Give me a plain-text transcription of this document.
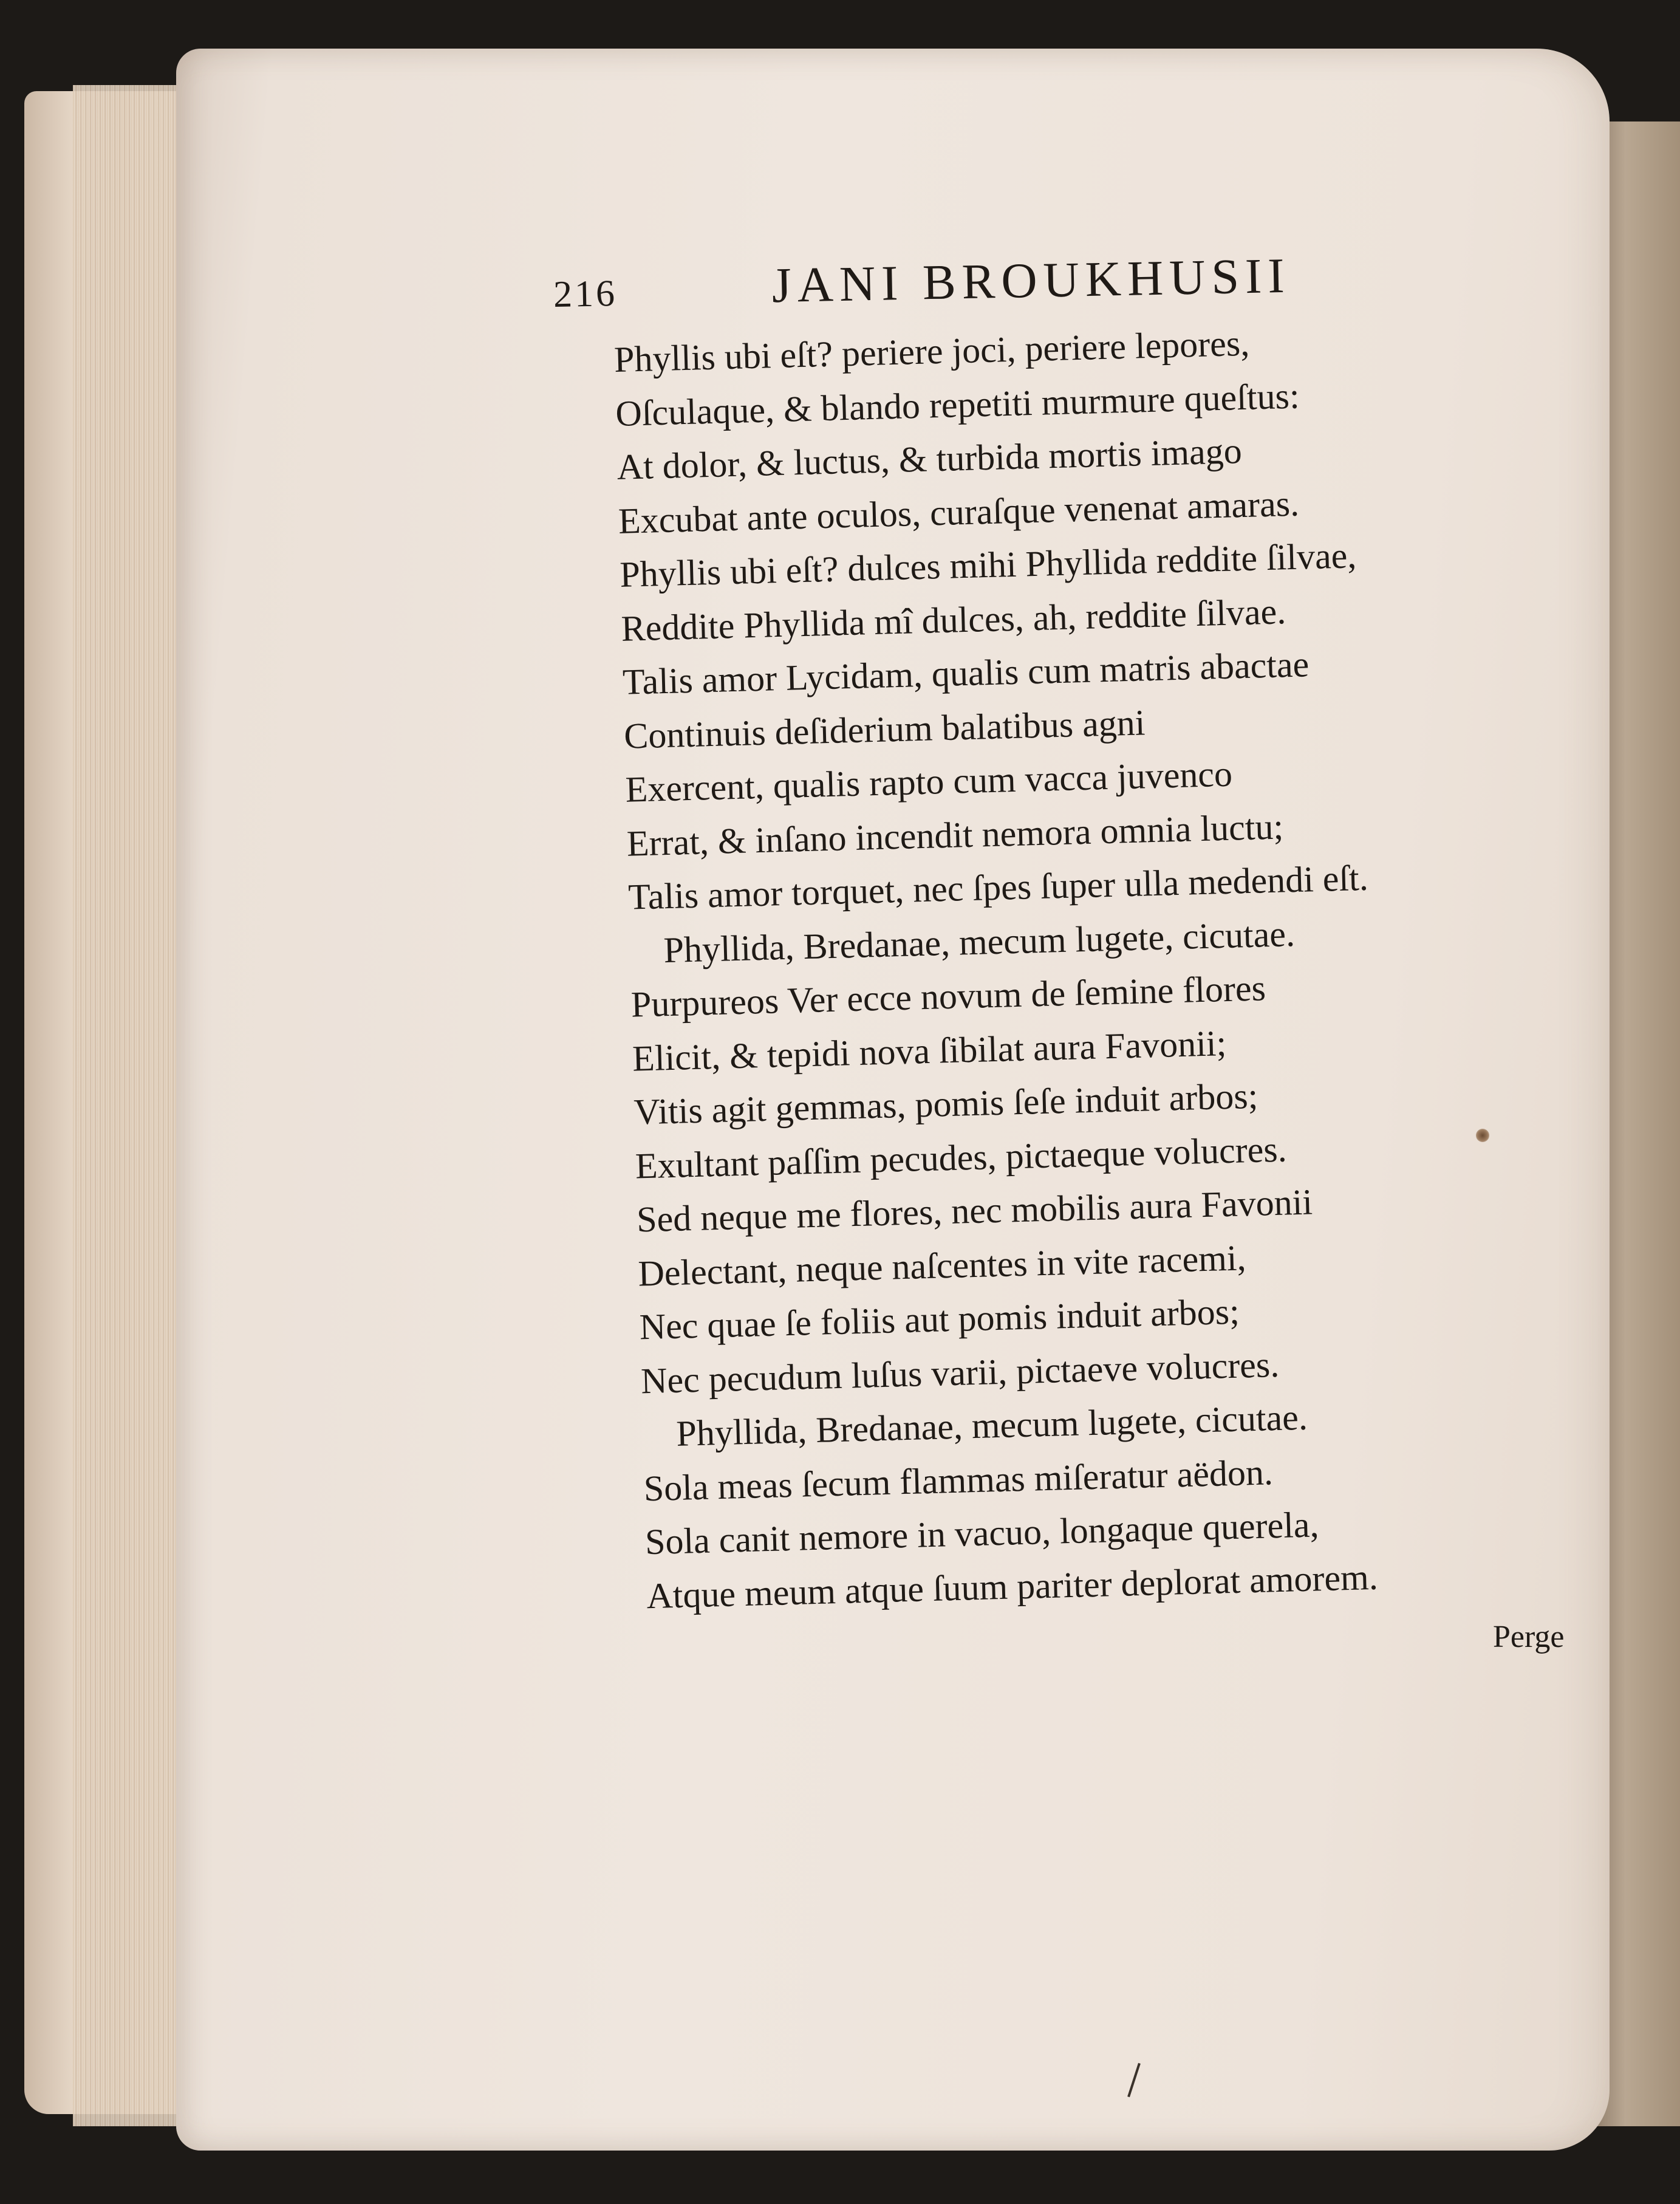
216	JANI BROUKHUSII
Phyllis ubi eſt? periere joci, periere lepores,
Oſculaque, & blando repetiti murmure queſtus:
At dolor, & luctus, & turbida mortis imago
Excubat ante oculos, curaſque venenat amaras.
Phyllis ubi eſt? dulces mihi Phyllida reddite ſilvae,
Reddite Phyllida mî dulces, ah, reddite ſilvae.
Talis amor Lycidam, qualis cum matris abactae
Continuis deſiderium balatibus agni
Exercent, qualis rapto cum vacca juvenco
Errat, & inſano incendit nemora omnia luctu;
Talis amor torquet, nec ſpes ſuper ulla medendi eſt.
Phyllida, Bredanae, mecum lugete, cicutae.
Purpureos Ver ecce novum de ſemine flores
Elicit, & tepidi nova ſibilat aura Favonii;
Vitis agit gemmas, pomis ſeſe induit arbos;
Exultant paſſim pecudes, pictaeque volucres.
Sed neque me flores, nec mobilis aura Favonii
Delectant, neque naſcentes in vite racemi,
Nec quae ſe foliis aut pomis induit arbos;
Nec pecudum luſus varii, pictaeve volucres.
Phyllida, Bredanae, mecum lugete, cicutae.
Sola meas ſecum flammas miſeratur aëdon.
Sola canit nemore in vacuo, longaque querela,
Atque meum atque ſuum pariter deplorat amorem.
Perge
